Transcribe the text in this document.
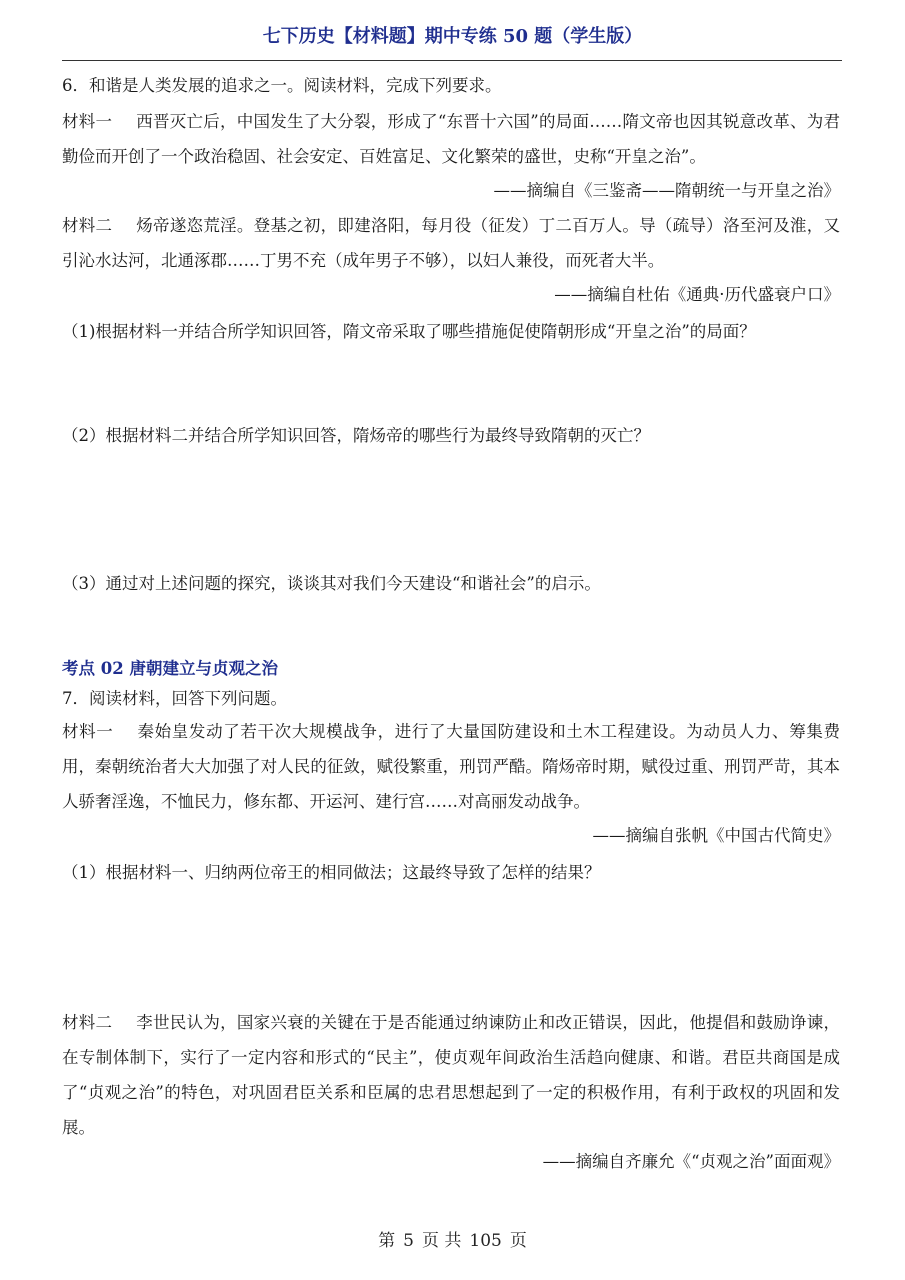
七下历史【材料题】期中专练 50 题（学生版）

6．和谐是人类发展的追求之一。阅读材料，完成下列要求。

材料一 西晋灭亡后，中国发生了大分裂，形成了“东晋十六国”的局面……隋文帝也因其锐意改革、为君勤俭而开创了一个政治稳固、社会安定、百姓富足、文化繁荣的盛世，史称“开皇之治”。

——摘编自《三鉴斋——隋朝统一与开皇之治》

材料二 炀帝遂恣荒淫。登基之初，即建洛阳，每月役（征发）丁二百万人。导（疏导）洛至河及淮，又引沁水达河，北通涿郡……丁男不充（成年男子不够），以妇人兼役，而死者大半。

——摘编自杜佑《通典·历代盛衰户口》

（1)根据材料一并结合所学知识回答，隋文帝采取了哪些措施促使隋朝形成“开皇之治”的局面？

（2）根据材料二并结合所学知识回答，隋炀帝的哪些行为最终导致隋朝的灭亡？

（3）通过对上述问题的探究，谈谈其对我们今天建设“和谐社会”的启示。

考点 02 唐朝建立与贞观之治

7．阅读材料，回答下列问题。

材料一 秦始皇发动了若干次大规模战争，进行了大量国防建设和土木工程建设。为动员人力、筹集费用，秦朝统治者大大加强了对人民的征敛，赋役繁重，刑罚严酷。隋炀帝时期，赋役过重、刑罚严苛，其本人骄奢淫逸，不恤民力，修东都、开运河、建行宫……对高丽发动战争。

——摘编自张帆《中国古代简史》

（1）根据材料一、归纳两位帝王的相同做法；这最终导致了怎样的结果？

材料二 李世民认为，国家兴衰的关键在于是否能通过纳谏防止和改正错误，因此，他提倡和鼓励诤谏，在专制体制下，实行了一定内容和形式的“民主”，使贞观年间政治生活趋向健康、和谐。君臣共商国是成了“贞观之治”的特色，对巩固君臣关系和臣属的忠君思想起到了一定的积极作用，有利于政权的巩固和发展。

——摘编自齐廉允《“贞观之治”面面观》

第 5 页 共 105 页
